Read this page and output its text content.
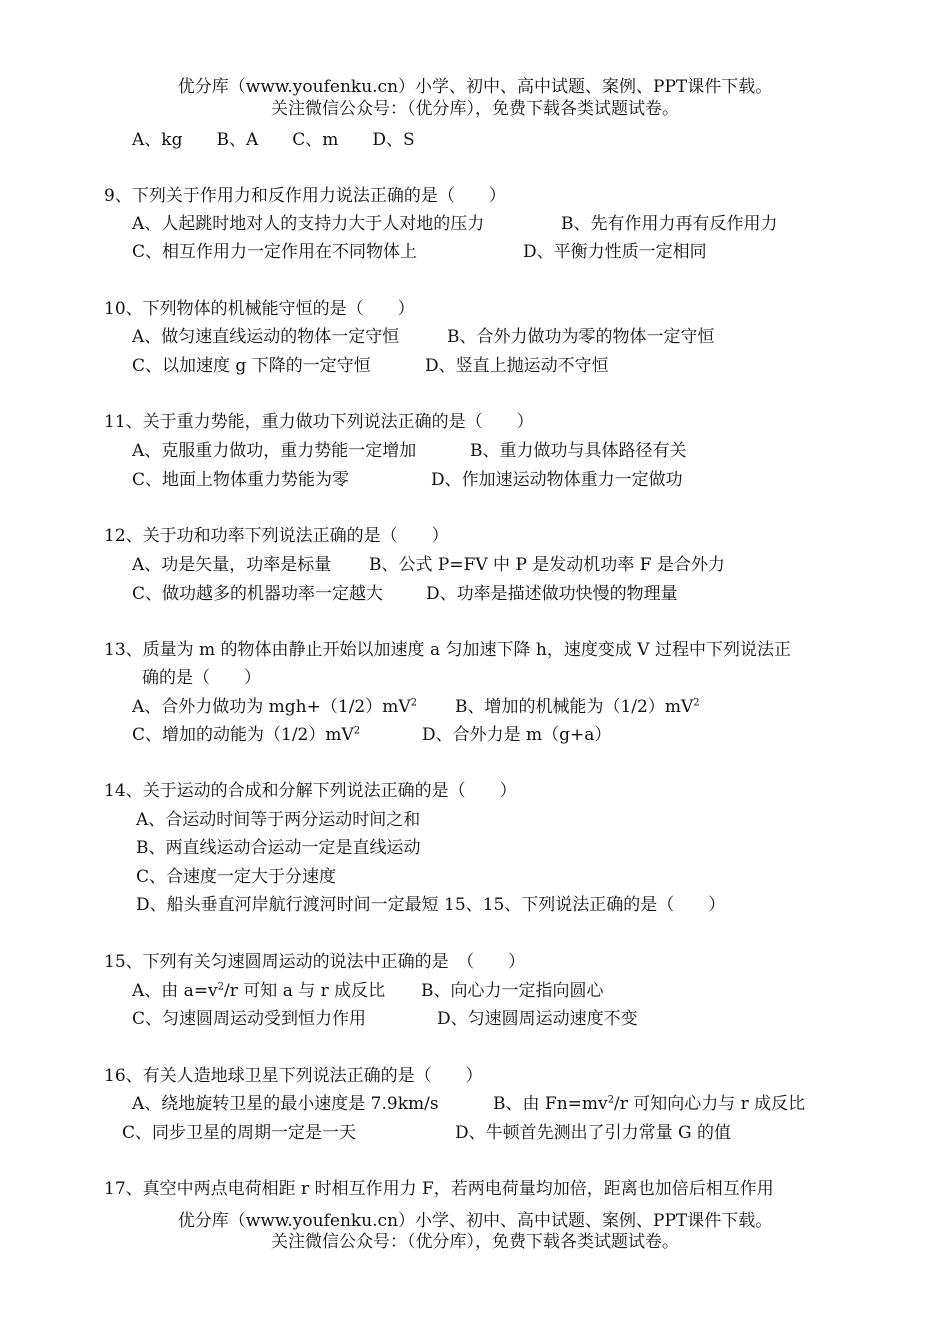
优分库（www.youfenku.cn）小学、初中、高中试题、案例、PPT课件下载。
关注微信公众号：（优分库），免费下载各类试题试卷。
A、kg　　B、A　　C、m　　D、S
9、下列关于作用力和反作用力说法正确的是（　　）
A、人起跳时地对人的支持力大于人对地的压力	B、先有作用力再有反作用力
C、相互作用力一定作用在不同物体上	D、平衡力性质一定相同
10、下列物体的机械能守恒的是（　　）
A、做匀速直线运动的物体一定守恒	B、合外力做功为零的物体一定守恒
C、以加速度 g 下降的一定守恒	D、竖直上抛运动不守恒
11、关于重力势能，重力做功下列说法正确的是（　　）
A、克服重力做功，重力势能一定增加	B、重力做功与具体路径有关
C、地面上物体重力势能为零	D、作加速运动物体重力一定做功
12、关于功和功率下列说法正确的是（　　）
A、功是矢量，功率是标量 B、公式 P=FV 中 P 是发动机功率 F 是合外力
C、做功越多的机器功率一定越大	D、功率是描述做功快慢的物理量
13、质量为 m 的物体由静止开始以加速度 a 匀加速下降 h，速度变成 V 过程中下列说法正
确的是（　　）
A、合外力做功为 $mgh+(1/2)mV^2$ B、增加的机械能为$(1/2)mV^2$
C、增加的动能为$(1/2)mV^2$	D、合外力是 m（g+a）
14、关于运动的合成和分解下列说法正确的是（　　）
A、合运动时间等于两分运动时间之和
B、两直线运动合运动一定是直线运动
C、合速度一定大于分速度
D、船头垂直河岸航行渡河时间一定最短 15、15、下列说法正确的是（　　）
15、下列有关匀速圆周运动的说法中正确的是　（　　）
A、由 $a=v^2/r$ 可知 a 与 r 成反比 B、向心力一定指向圆心
C、匀速圆周运动受到恒力作用	D、匀速圆周运动速度不变
16、有关人造地球卫星下列说法正确的是（　　）
A、绕地旋转卫星的最小速度是 7.9km/s	B、由 $Fn=mv^2/r$ 可知向心力与 r 成反比
C、同步卫星的周期一定是一天	D、牛顿首先测出了引力常量 G 的值
17、真空中两点电荷相距 r 时相互作用力 F，若两电荷量均加倍，距离也加倍后相互作用
优分库（www.youfenku.cn）小学、初中、高中试题、案例、PPT课件下载。
关注微信公众号：（优分库），免费下载各类试题试卷。
